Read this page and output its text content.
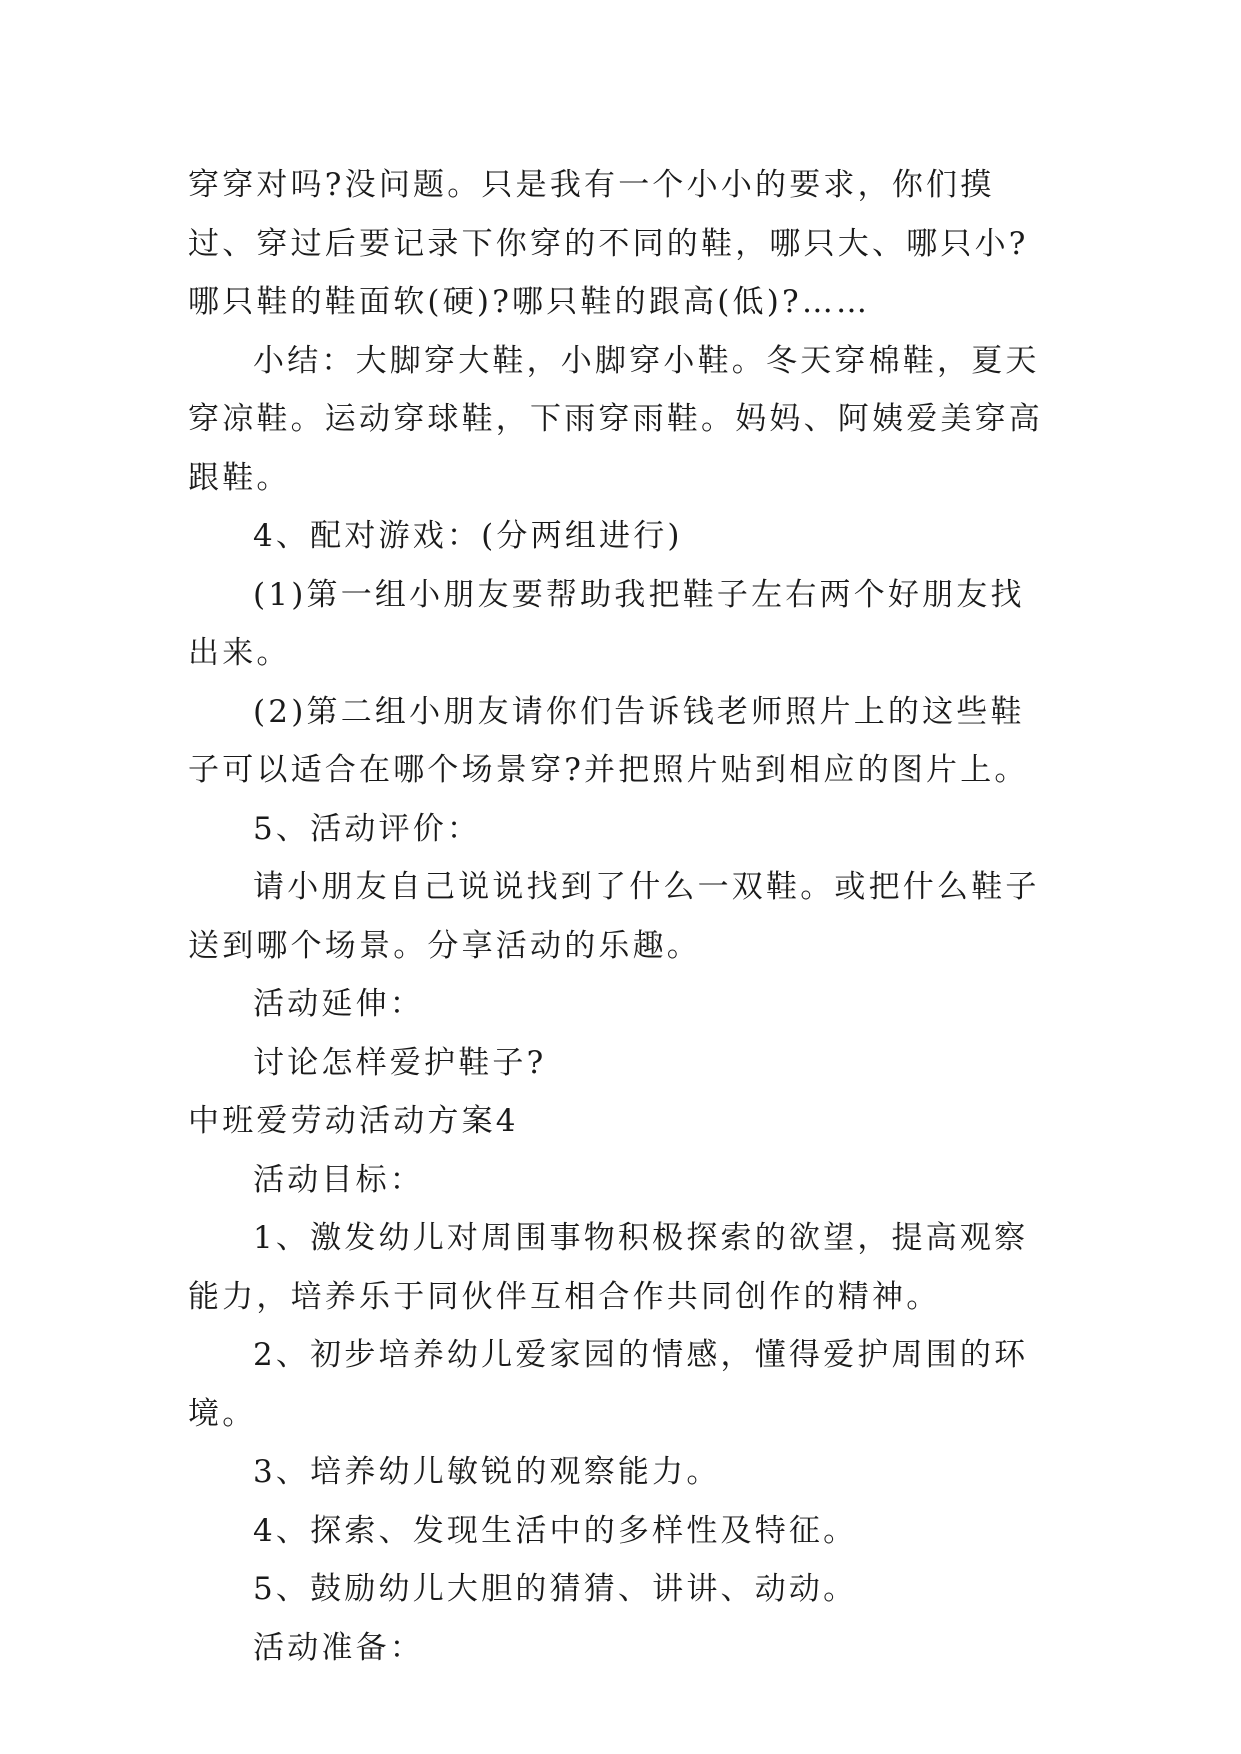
穿穿对吗?没问题。只是我有一个小小的要求，你们摸过、穿过后要记录下你穿的不同的鞋，哪只大、哪只小?哪只鞋的鞋面软(硬)?哪只鞋的跟高(低)?……

小结：大脚穿大鞋，小脚穿小鞋。冬天穿棉鞋，夏天穿凉鞋。运动穿球鞋，下雨穿雨鞋。妈妈、阿姨爱美穿高跟鞋。

4、配对游戏：(分两组进行)

(1)第一组小朋友要帮助我把鞋子左右两个好朋友找出来。

(2)第二组小朋友请你们告诉钱老师照片上的这些鞋子可以适合在哪个场景穿?并把照片贴到相应的图片上。

5、活动评价：

请小朋友自己说说找到了什么一双鞋。或把什么鞋子送到哪个场景。分享活动的乐趣。

活动延伸：

讨论怎样爱护鞋子?

中班爱劳动活动方案4

活动目标：

1、激发幼儿对周围事物积极探索的欲望，提高观察能力，培养乐于同伙伴互相合作共同创作的精神。

2、初步培养幼儿爱家园的情感，懂得爱护周围的环境。

3、培养幼儿敏锐的观察能力。

4、探索、发现生活中的多样性及特征。

5、鼓励幼儿大胆的猜猜、讲讲、动动。

活动准备：
